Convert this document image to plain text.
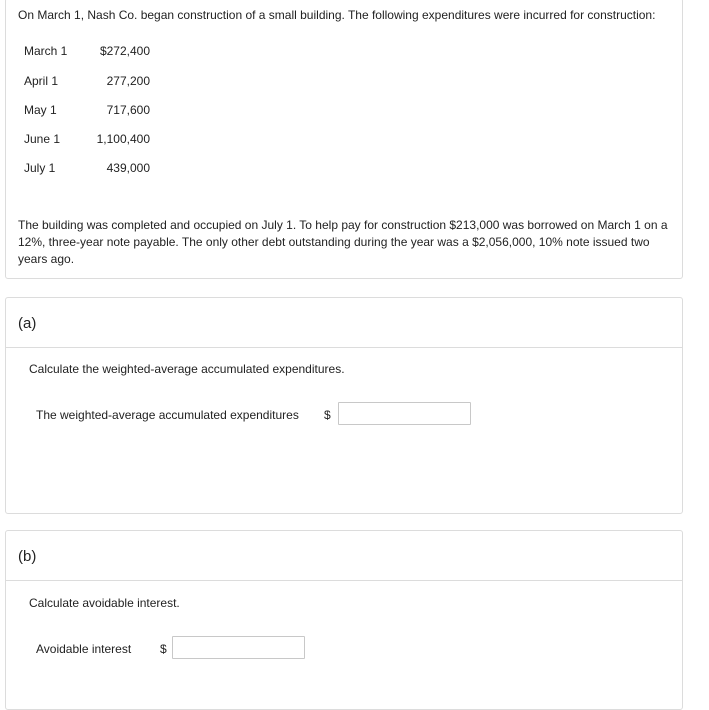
On March 1, Nash Co. began construction of a small building. The following expenditures were incurred for construction:
March 1	$272,400
April 1	277,200
May 1	717,600
June 1	1,100,400
July 1	439,000
The building was completed and occupied on July 1. To help pay for construction $213,000 was borrowed on March 1 on a 12%, three-year note payable. The only other debt outstanding during the year was a $2,056,000, 10% note issued two years ago.
(a)
Calculate the weighted-average accumulated expenditures.
The weighted-average accumulated expenditures $
(b)
Calculate avoidable interest.
Avoidable interest $
